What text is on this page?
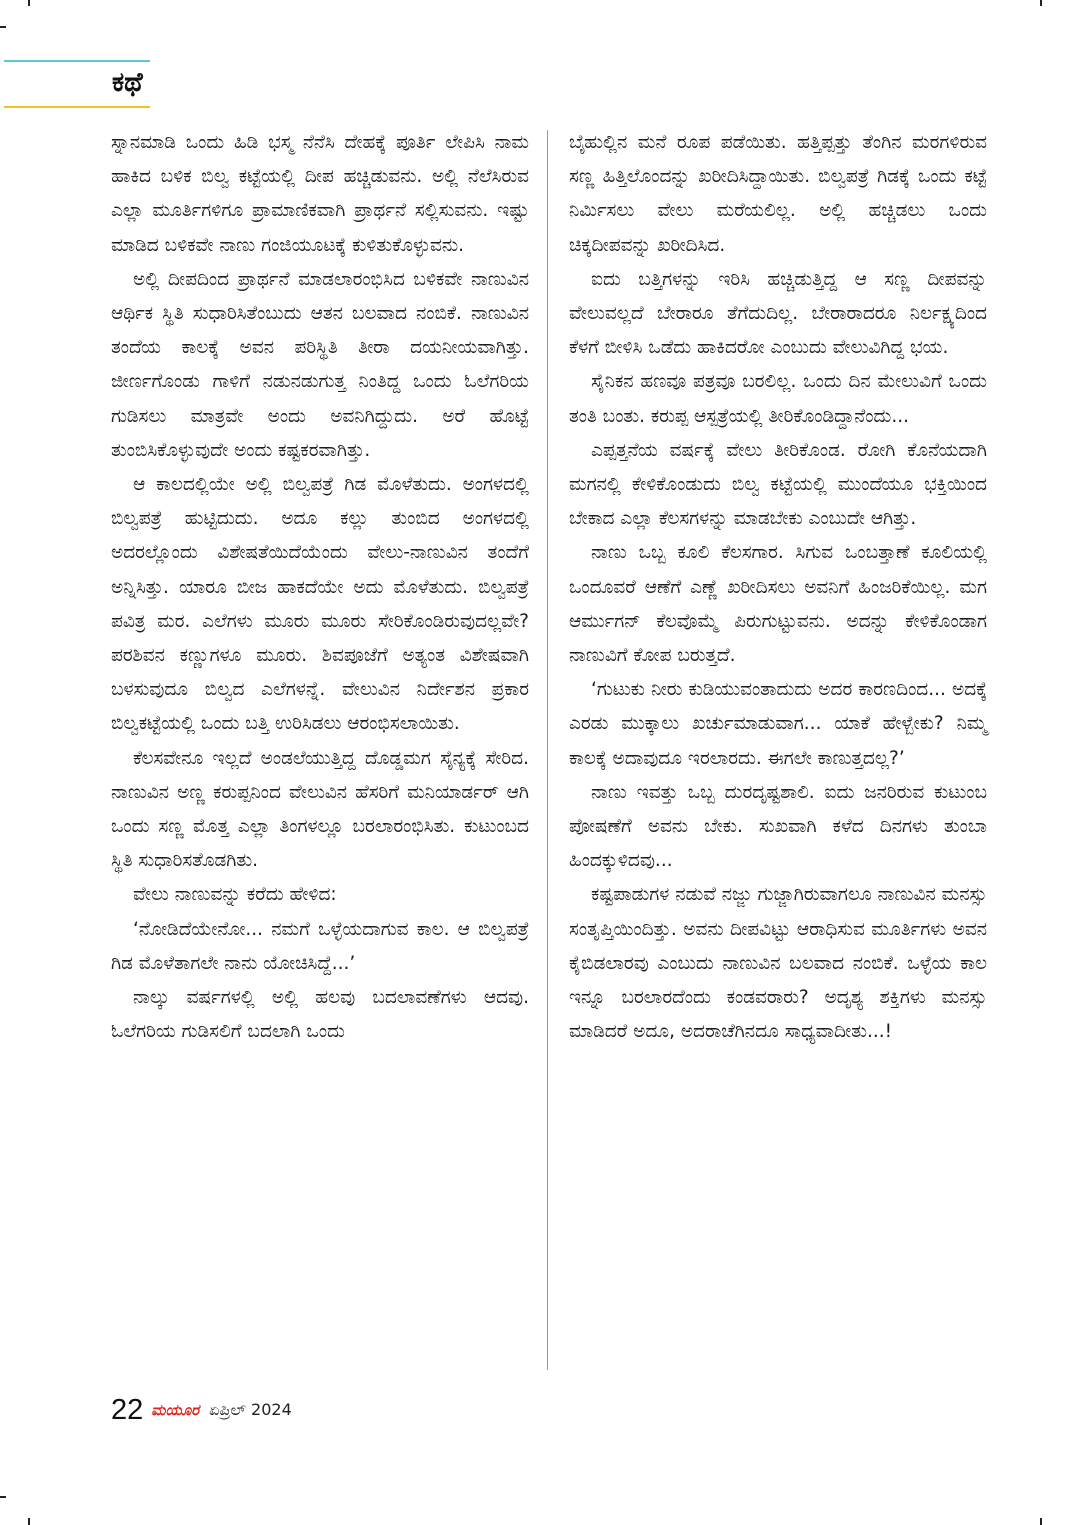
ಕಥೆ

ಸ್ನಾನಮಾಡಿ ಒಂದು ಹಿಡಿ ಭಸ್ಮ ನೆನೆಸಿ ದೇಹಕ್ಕೆ ಪೂರ್ತಿ ಲೇಪಿಸಿ ನಾಮ ಹಾಕಿದ ಬಳಿಕ ಬಿಲ್ವ ಕಟ್ಟೆಯಲ್ಲಿ ದೀಪ ಹಚ್ಚಿಡುವನು. ಅಲ್ಲಿ ನೆಲೆಸಿರುವ ಎಲ್ಲಾ ಮೂರ್ತಿಗಳಿಗೂ ಪ್ರಾಮಾಣಿಕವಾಗಿ ಪ್ರಾರ್ಥನೆ ಸಲ್ಲಿಸುವನು. ಇಷ್ಟು ಮಾಡಿದ ಬಳಿಕವೇ ನಾಣು ಗಂಜಿಯೂಟಕ್ಕೆ ಕುಳಿತುಕೊಳ್ಳುವನು.

ಅಲ್ಲಿ ದೀಪದಿಂದ ಪ್ರಾರ್ಥನೆ ಮಾಡಲಾರಂಭಿಸಿದ ಬಳಿಕವೇ ನಾಣುವಿನ ಆರ್ಥಿಕ ಸ್ಥಿತಿ ಸುಧಾರಿಸಿತೆಂಬುದು ಆತನ ಬಲವಾದ ನಂಬಿಕೆ. ನಾಣುವಿನ ತಂದೆಯ ಕಾಲಕ್ಕೆ ಅವನ ಪರಿಸ್ಥಿತಿ ತೀರಾ ದಯನೀಯವಾಗಿತ್ತು. ಜೀರ್ಣಗೊಂಡು ಗಾಳಿಗೆ ನಡುನಡುಗುತ್ತ ನಿಂತಿದ್ದ ಒಂದು ಓಲೆಗರಿಯ ಗುಡಿಸಲು ಮಾತ್ರವೇ ಅಂದು ಅವನಿಗಿದ್ದುದು. ಅರೆ ಹೊಟ್ಟೆ ತುಂಬಿಸಿಕೊಳ್ಳುವುದೇ ಅಂದು ಕಷ್ಟಕರವಾಗಿತ್ತು.

ಆ ಕಾಲದಲ್ಲಿಯೇ ಅಲ್ಲಿ ಬಿಲ್ವಪತ್ರೆ ಗಿಡ ಮೊಳೆತುದು. ಅಂಗಳದಲ್ಲಿ ಬಿಲ್ವಪತ್ರೆ ಹುಟ್ಟಿದುದು. ಅದೂ ಕಲ್ಲು ತುಂಬಿದ ಅಂಗಳದಲ್ಲಿ ಅದರಲ್ಲೊಂದು ವಿಶೇಷತೆಯಿದೆಯೆಂದು ವೇಲು-ನಾಣುವಿನ ತಂದೆಗೆ ಅನ್ನಿಸಿತ್ತು. ಯಾರೂ ಬೀಜ ಹಾಕದೆಯೇ ಅದು ಮೊಳೆತುದು. ಬಿಲ್ವಪತ್ರೆ ಪವಿತ್ರ ಮರ. ಎಲೆಗಳು ಮೂರು ಮೂರು ಸೇರಿಕೊಂಡಿರುವುದಲ್ಲವೇ? ಪರಶಿವನ ಕಣ್ಣುಗಳೂ ಮೂರು. ಶಿವಪೂಜೆಗೆ ಅತ್ಯಂತ ವಿಶೇಷವಾಗಿ ಬಳಸುವುದೂ ಬಿಲ್ವದ ಎಲೆಗಳನ್ನೆ. ವೇಲುವಿನ ನಿರ್ದೇಶನ ಪ್ರಕಾರ ಬಿಲ್ವಕಟ್ಟೆಯಲ್ಲಿ ಒಂದು ಬತ್ತಿ ಉರಿಸಿಡಲು ಆರಂಭಿಸಲಾಯಿತು.

ಕೆಲಸವೇನೂ ಇಲ್ಲದೆ ಅಂಡಲೆಯುತ್ತಿದ್ದ ದೊಡ್ಡಮಗ ಸೈನ್ಯಕ್ಕೆ ಸೇರಿದ. ನಾಣುವಿನ ಅಣ್ಣ ಕರುಪ್ಪನಿಂದ ವೇಲುವಿನ ಹೆಸರಿಗೆ ಮನಿಯಾರ್ಡರ್ ಆಗಿ ಒಂದು ಸಣ್ಣ ಮೊತ್ತ ಎಲ್ಲಾ ತಿಂಗಳಲ್ಲೂ ಬರಲಾರಂಭಿಸಿತು. ಕುಟುಂಬದ ಸ್ಥಿತಿ ಸುಧಾರಿಸತೊಡಗಿತು.

ವೇಲು ನಾಣುವನ್ನು ಕರೆದು ಹೇಳಿದ:

‘ನೋಡಿದೆಯೇನೋ... ನಮಗೆ ಒಳ್ಳೆಯದಾಗುವ ಕಾಲ. ಆ ಬಿಲ್ವಪತ್ರೆ ಗಿಡ ಮೊಳೆತಾಗಲೇ ನಾನು ಯೋಚಿಸಿದ್ದೆ...’

ನಾಲ್ಕು ವರ್ಷಗಳಲ್ಲಿ ಅಲ್ಲಿ ಹಲವು ಬದಲಾವಣೆಗಳು ಆದವು. ಓಲೆಗರಿಯ ಗುಡಿಸಲಿಗೆ ಬದಲಾಗಿ ಒಂದು

ಬೈಹುಲ್ಲಿನ ಮನೆ ರೂಪ ಪಡೆಯಿತು. ಹತ್ತಿಪ್ಪತ್ತು ತೆಂಗಿನ ಮರಗಳಿರುವ ಸಣ್ಣ ಹಿತ್ತಿಲೊಂದನ್ನು ಖರೀದಿಸಿದ್ದಾಯಿತು. ಬಿಲ್ವಪತ್ರೆ ಗಿಡಕ್ಕೆ ಒಂದು ಕಟ್ಟೆ ನಿರ್ಮಿಸಲು ವೇಲು ಮರೆಯಲಿಲ್ಲ. ಅಲ್ಲಿ ಹಚ್ಚಿಡಲು ಒಂದು ಚಿಕ್ಕದೀಪವನ್ನು ಖರೀದಿಸಿದ.

ಐದು ಬತ್ತಿಗಳನ್ನು ಇರಿಸಿ ಹಚ್ಚಿಡುತ್ತಿದ್ದ ಆ ಸಣ್ಣ ದೀಪವನ್ನು ವೇಲುವಲ್ಲದೆ ಬೇರಾರೂ ತೆಗೆದುದಿಲ್ಲ. ಬೇರಾರಾದರೂ ನಿರ್ಲಕ್ಷ್ಯದಿಂದ ಕೆಳಗೆ ಬೀಳಿಸಿ ಒಡೆದು ಹಾಕಿದರೋ ಎಂಬುದು ವೇಲುವಿಗಿದ್ದ ಭಯ.

ಸೈನಿಕನ ಹಣವೂ ಪತ್ರವೂ ಬರಲಿಲ್ಲ. ಒಂದು ದಿನ ಮೇಲುವಿಗೆ ಒಂದು ತಂತಿ ಬಂತು. ಕರುಪ್ಪ ಆಸ್ಪತ್ರೆಯಲ್ಲಿ ತೀರಿಕೊಂಡಿದ್ದಾನೆಂದು...

ಎಪ್ಪತ್ತನೆಯ ವರ್ಷಕ್ಕೆ ವೇಲು ತೀರಿಕೊಂಡ. ರೋಗಿ ಕೊನೆಯದಾಗಿ ಮಗನಲ್ಲಿ ಕೇಳಿಕೊಂಡುದು ಬಿಲ್ವ ಕಟ್ಟೆಯಲ್ಲಿ ಮುಂದೆಯೂ ಭಕ್ತಿಯಿಂದ ಬೇಕಾದ ಎಲ್ಲಾ ಕೆಲಸಗಳನ್ನು ಮಾಡಬೇಕು ಎಂಬುದೇ ಆಗಿತ್ತು.

ನಾಣು ಒಬ್ಬ ಕೂಲಿ ಕೆಲಸಗಾರ. ಸಿಗುವ ಒಂಬತ್ತಾಣೆ ಕೂಲಿಯಲ್ಲಿ ಒಂದೂವರೆ ಆಣೆಗೆ ಎಣ್ಣೆ ಖರೀದಿಸಲು ಅವನಿಗೆ ಹಿಂಜರಿಕೆಯಿಲ್ಲ. ಮಗ ಆರ್ಮುಗನ್ ಕೆಲವೊಮ್ಮೆ ಪಿರುಗುಟ್ಟುವನು. ಅದನ್ನು ಕೇಳಿಕೊಂಡಾಗ ನಾಣುವಿಗೆ ಕೋಪ ಬರುತ್ತದೆ.

‘ಗುಟುಕು ನೀರು ಕುಡಿಯುವಂತಾದುದು ಅದರ ಕಾರಣದಿಂದ... ಅದಕ್ಕೆ ಎರಡು ಮುಕ್ಕಾಲು ಖರ್ಚುಮಾಡುವಾಗ... ಯಾಕೆ ಹೇಳ್ಬೇಕು? ನಿಮ್ಮ ಕಾಲಕ್ಕೆ ಅದಾವುದೂ ಇರಲಾರದು. ಈಗಲೇ ಕಾಣುತ್ತದಲ್ಲ?’

ನಾಣು ಇವತ್ತು ಒಬ್ಬ ದುರದೃಷ್ಟಶಾಲಿ. ಐದು ಜನರಿರುವ ಕುಟುಂಬ ಪೋಷಣೆಗೆ ಅವನು ಬೇಕು. ಸುಖವಾಗಿ ಕಳೆದ ದಿನಗಳು ತುಂಬಾ ಹಿಂದಕ್ಕುಳಿದವು...

ಕಷ್ಟಪಾಡುಗಳ ನಡುವೆ ನಜ್ಜು ಗುಜ್ಜಾಗಿರುವಾಗಲೂ ನಾಣುವಿನ ಮನಸ್ಸು ಸಂತೃಪ್ತಿಯಿಂದಿತ್ತು. ಅವನು ದೀಪವಿಟ್ಟು ಆರಾಧಿಸುವ ಮೂರ್ತಿಗಳು ಅವನ ಕೈಬಿಡಲಾರವು ಎಂಬುದು ನಾಣುವಿನ ಬಲವಾದ ನಂಬಿಕೆ. ಒಳ್ಳೆಯ ಕಾಲ ಇನ್ನೂ ಬರಲಾರದೆಂದು ಕಂಡವರಾರು? ಅದೃಶ್ಯ ಶಕ್ತಿಗಳು ಮನಸ್ಸು ಮಾಡಿದರೆ ಅದೂ, ಅದರಾಚೆಗಿನದೂ ಸಾಧ್ಯವಾದೀತು...!

22 ಮಯೂರ ಏಪ್ರಿಲ್ 2024
